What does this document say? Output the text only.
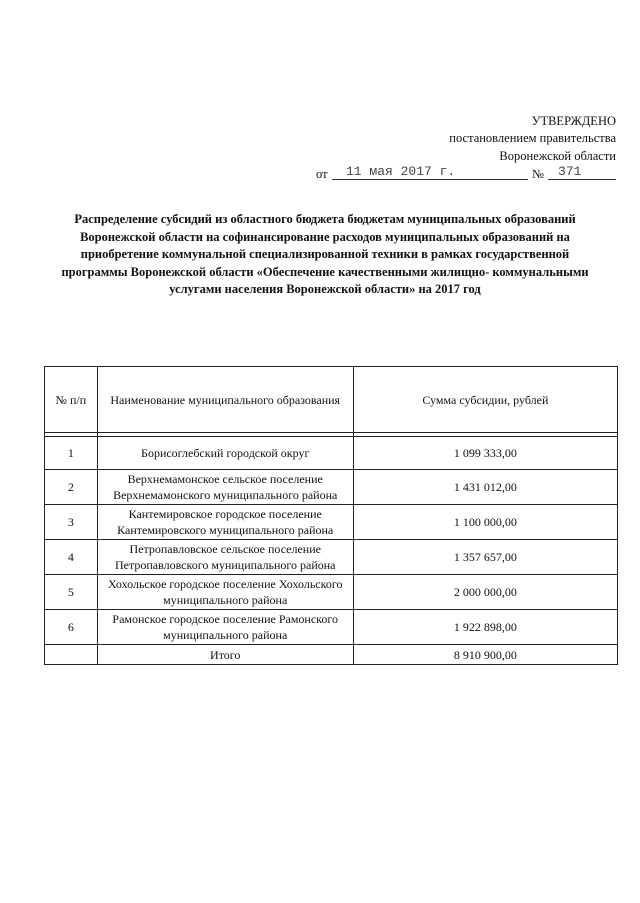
УТВЕРЖДЕНО
постановлением правительства
Воронежской области
от	11 мая 2017 г.	№	371
Распределение субсидий из областного бюджета бюджетам муниципальных образований
Воронежской области на софинансирование расходов муниципальных образований на
приобретение коммунальной специализированной техники в рамках государственной
программы Воронежской области «Обеспечение качественными жилищно- коммунальными
услугами населения Воронежской области» на 2017 год
№ п/п	Наименование муниципального образования	Сумма субсидии, рублей

1	Борисоглебский городской округ	1 099 333,00
2	Верхнемамонское сельское поселение Верхнемамонского муниципального района	1 431 012,00
3	Кантемировское городское поселение Кантемировского муниципального района	1 100 000,00
4	Петропавловское сельское поселение Петропавловского муниципального района	1 357 657,00
5	Хохольское городское поселение Хохольского муниципального района	2 000 000,00
6	Рамонское городское поселение Рамонского муниципального района	1 922 898,00
	Итого	8 910 900,00
